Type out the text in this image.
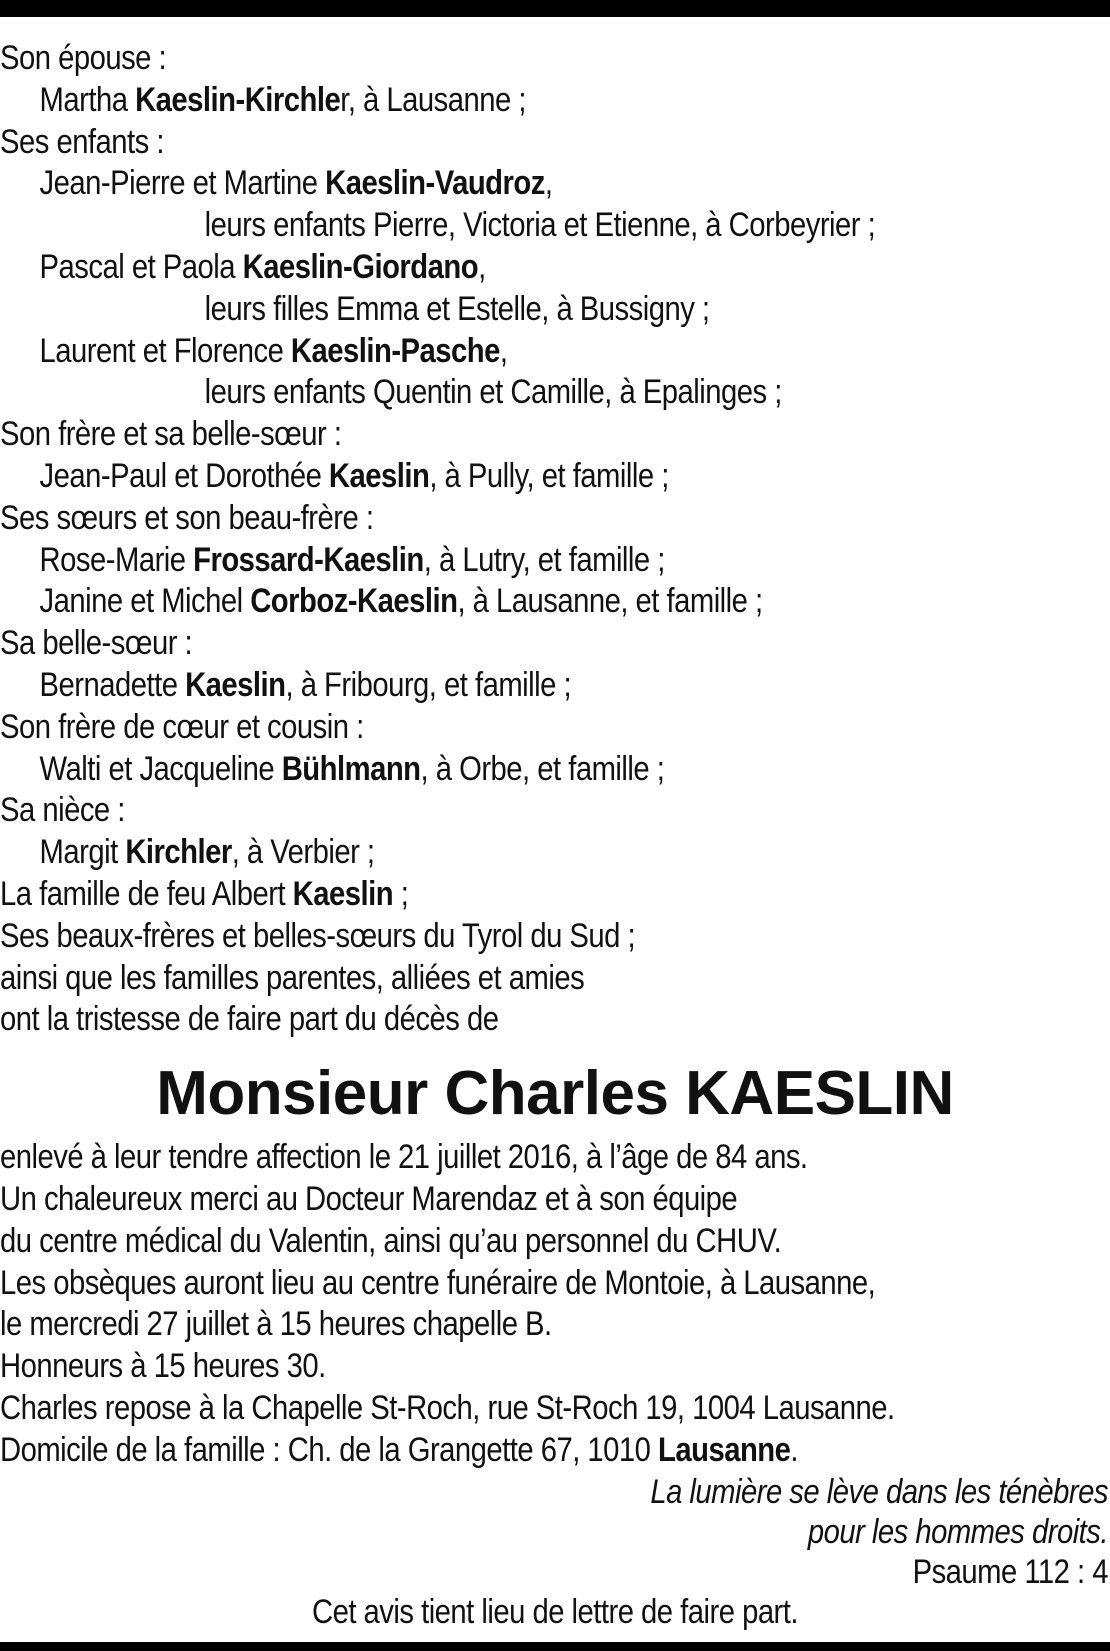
Son épouse :
Martha Kaeslin-Kirchler, à Lausanne ;
Ses enfants :
Jean-Pierre et Martine Kaeslin-Vaudroz,
leurs enfants Pierre, Victoria et Etienne, à Corbeyrier ;
Pascal et Paola Kaeslin-Giordano,
leurs filles Emma et Estelle, à Bussigny ;
Laurent et Florence Kaeslin-Pasche,
leurs enfants Quentin et Camille, à Epalinges ;
Son frère et sa belle-sœur :
Jean-Paul et Dorothée Kaeslin, à Pully, et famille ;
Ses sœurs et son beau-frère :
Rose-Marie Frossard-Kaeslin, à Lutry, et famille ;
Janine et Michel Corboz-Kaeslin, à Lausanne, et famille ;
Sa belle-sœur :
Bernadette Kaeslin, à Fribourg, et famille ;
Son frère de cœur et cousin :
Walti et Jacqueline Bühlmann, à Orbe, et famille ;
Sa nièce :
Margit Kirchler, à Verbier ;
La famille de feu Albert Kaeslin ;
Ses beaux-frères et belles-sœurs du Tyrol du Sud ;
ainsi que les familles parentes, alliées et amies
ont la tristesse de faire part du décès de
Monsieur Charles KAESLIN
enlevé à leur tendre affection le 21 juillet 2016, à l’âge de 84 ans.
Un chaleureux merci au Docteur Marendaz et à son équipe
du centre médical du Valentin, ainsi qu’au personnel du CHUV.
Les obsèques auront lieu au centre funéraire de Montoie, à Lausanne,
le mercredi 27 juillet à 15 heures chapelle B.
Honneurs à 15 heures 30.
Charles repose à la Chapelle St-Roch, rue St-Roch 19, 1004 Lausanne.
Domicile de la famille : Ch. de la Grangette 67, 1010 Lausanne.
La lumière se lève dans les ténèbres
pour les hommes droits.
Psaume 112 : 4
Cet avis tient lieu de lettre de faire part.
